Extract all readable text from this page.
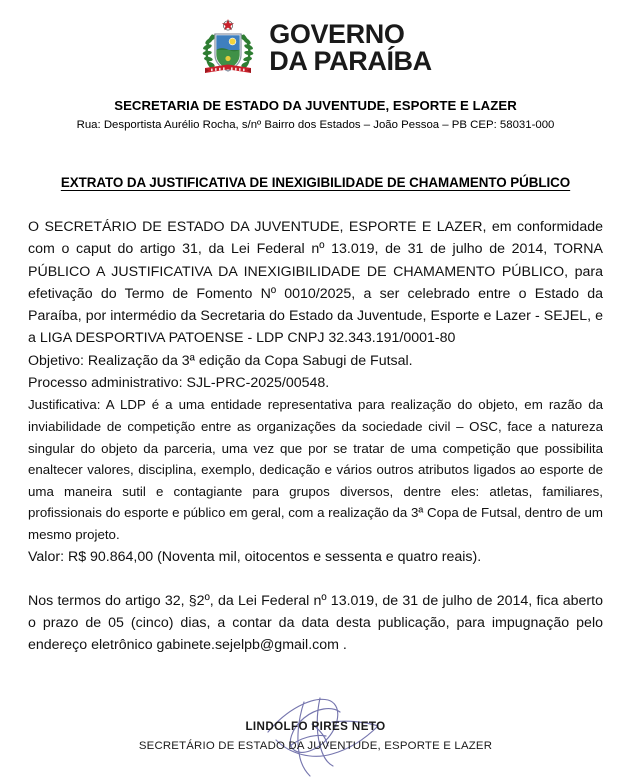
GOVERNO
DA PARAÍBA
SECRETARIA DE ESTADO DA JUVENTUDE, ESPORTE E LAZER
Rua: Desportista Aurélio Rocha, s/nº Bairro dos Estados – João Pessoa – PB CEP: 58031-000
EXTRATO DA JUSTIFICATIVA DE INEXIGIBILIDADE DE CHAMAMENTO PÚBLICO

O SECRETÁRIO DE ESTADO DA JUVENTUDE, ESPORTE E LAZER, em conformidade com o caput do artigo 31, da Lei Federal nº 13.019, de 31 de julho de 2014, TORNA PÚBLICO A JUSTIFICATIVA DA INEXIGIBILIDADE DE CHAMAMENTO PÚBLICO, para efetivação do Termo de Fomento Nº 0010/2025, a ser celebrado entre o Estado da Paraíba, por intermédio da Secretaria do Estado da Juventude, Esporte e Lazer - SEJEL, e a LIGA DESPORTIVA PATOENSE - LDP CNPJ 32.343.191/0001-80

Objetivo: Realização da 3ª edição da Copa Sabugi de Futsal.

Processo administrativo: SJL-PRC-2025/00548.

Justificativa: A LDP é a uma entidade representativa para realização do objeto, em razão da inviabilidade de competição entre as organizações da sociedade civil – OSC, face a natureza singular do objeto da parceria, uma vez que por se tratar de uma competição que possibilita enaltecer valores, disciplina, exemplo, dedicação e vários outros atributos ligados ao esporte de uma maneira sutil e contagiante para grupos diversos, dentre eles: atletas, familiares, profissionais do esporte e público em geral, com a realização da 3ª Copa de Futsal, dentro de um mesmo projeto.

Valor: R$ 90.864,00 (Noventa mil, oitocentos e sessenta e quatro reais).

Nos termos do artigo 32, §2º, da Lei Federal nº 13.019, de 31 de julho de 2014, fica aberto o prazo de 05 (cinco) dias, a contar da data desta publicação, para impugnação pelo endereço eletrônico gabinete.sejelpb@gmail.com .

LINDOLFO PIRES NETO
SECRETÁRIO DE ESTADO DA JUVENTUDE, ESPORTE E LAZER
